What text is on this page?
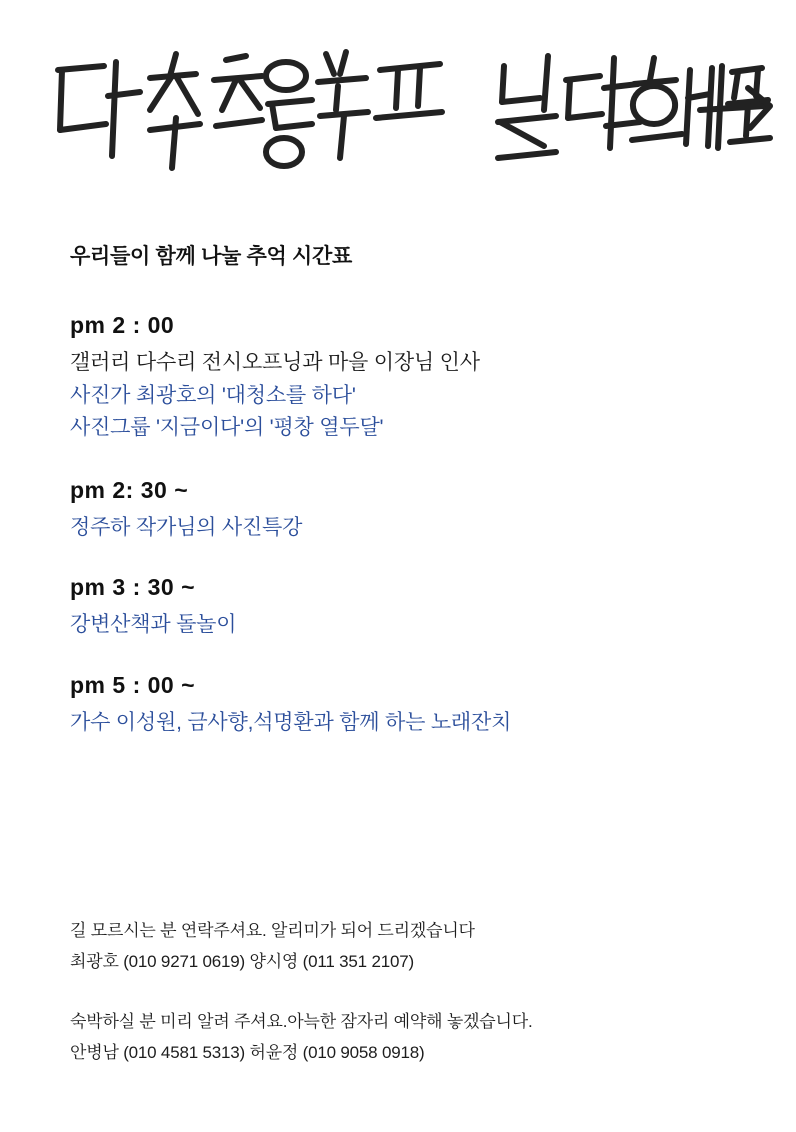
우리들이 함께 나눌 추억 시간표
pm 2 : 00
갤러리 다수리 전시오프닝과 마을 이장님 인사
사진가 최광호의 '대청소를 하다'
사진그룹 '지금이다'의 '평창 열두달'
pm 2: 30 ~
정주하 작가님의 사진특강
pm 3 : 30 ~
강변산책과 돌놀이
pm 5 : 00 ~
가수 이성원, 금사향,석명환과 함께 하는 노래잔치
길 모르시는 분 연락주셔요. 알리미가 되어 드리겠습니다
최광호 (010 9271 0619) 양시영 (011 351 2107)
숙박하실 분 미리 알려 주셔요.아늑한 잠자리 예약해 놓겠습니다.
안병남 (010 4581 5313) 허윤정 (010 9058 0918)
